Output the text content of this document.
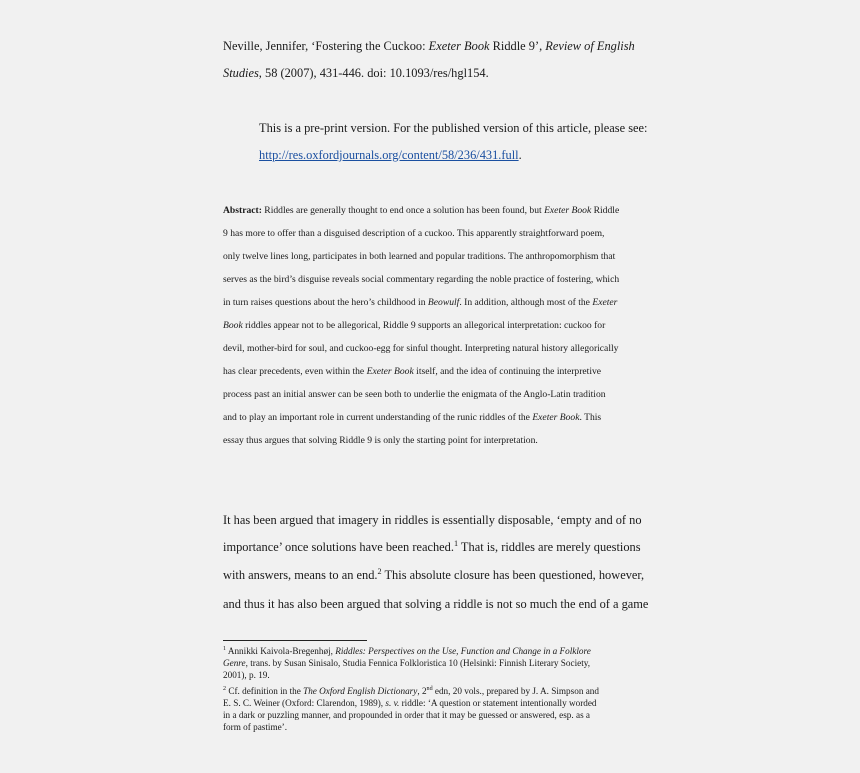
Neville, Jennifer, ‘Fostering the Cuckoo: Exeter Book Riddle 9’, Review of English
Studies, 58 (2007), 431-446. doi: 10.1093/res/hgl154.
This is a pre-print version. For the published version of this article, please see:
http://res.oxfordjournals.org/content/58/236/431.full.
Abstract: Riddles are generally thought to end once a solution has been found, but Exeter Book Riddle
9 has more to offer than a disguised description of a cuckoo. This apparently straightforward poem,
only twelve lines long, participates in both learned and popular traditions. The anthropomorphism that
serves as the bird’s disguise reveals social commentary regarding the noble practice of fostering, which
in turn raises questions about the hero’s childhood in Beowulf. In addition, although most of the Exeter
Book riddles appear not to be allegorical, Riddle 9 supports an allegorical interpretation: cuckoo for
devil, mother-bird for soul, and cuckoo-egg for sinful thought. Interpreting natural history allegorically
has clear precedents, even within the Exeter Book itself, and the idea of continuing the interpretive
process past an initial answer can be seen both to underlie the enigmata of the Anglo-Latin tradition
and to play an important role in current understanding of the runic riddles of the Exeter Book. This
essay thus argues that solving Riddle 9 is only the starting point for interpretation.
It has been argued that imagery in riddles is essentially disposable, ‘empty and of no
importance’ once solutions have been reached.$^1$ That is, riddles are merely questions
with answers, means to an end.$^2$ This absolute closure has been questioned, however,
and thus it has also been argued that solving a riddle is not so much the end of a game
$^1$ Annikki Kaivola-Bregenhøj, Riddles: Perspectives on the Use, Function and Change in a Folklore
Genre, trans. by Susan Sinisalo, Studia Fennica Folkloristica 10 (Helsinki: Finnish Literary Society,
2001), p. 19.
$^2$ Cf. definition in the The Oxford English Dictionary, 2nd edn, 20 vols., prepared by J. A. Simpson and
E. S. C. Weiner (Oxford: Clarendon, 1989), s. v. riddle: ‘A question or statement intentionally worded
in a dark or puzzling manner, and propounded in order that it may be guessed or answered, esp. as a
form of pastime’.
